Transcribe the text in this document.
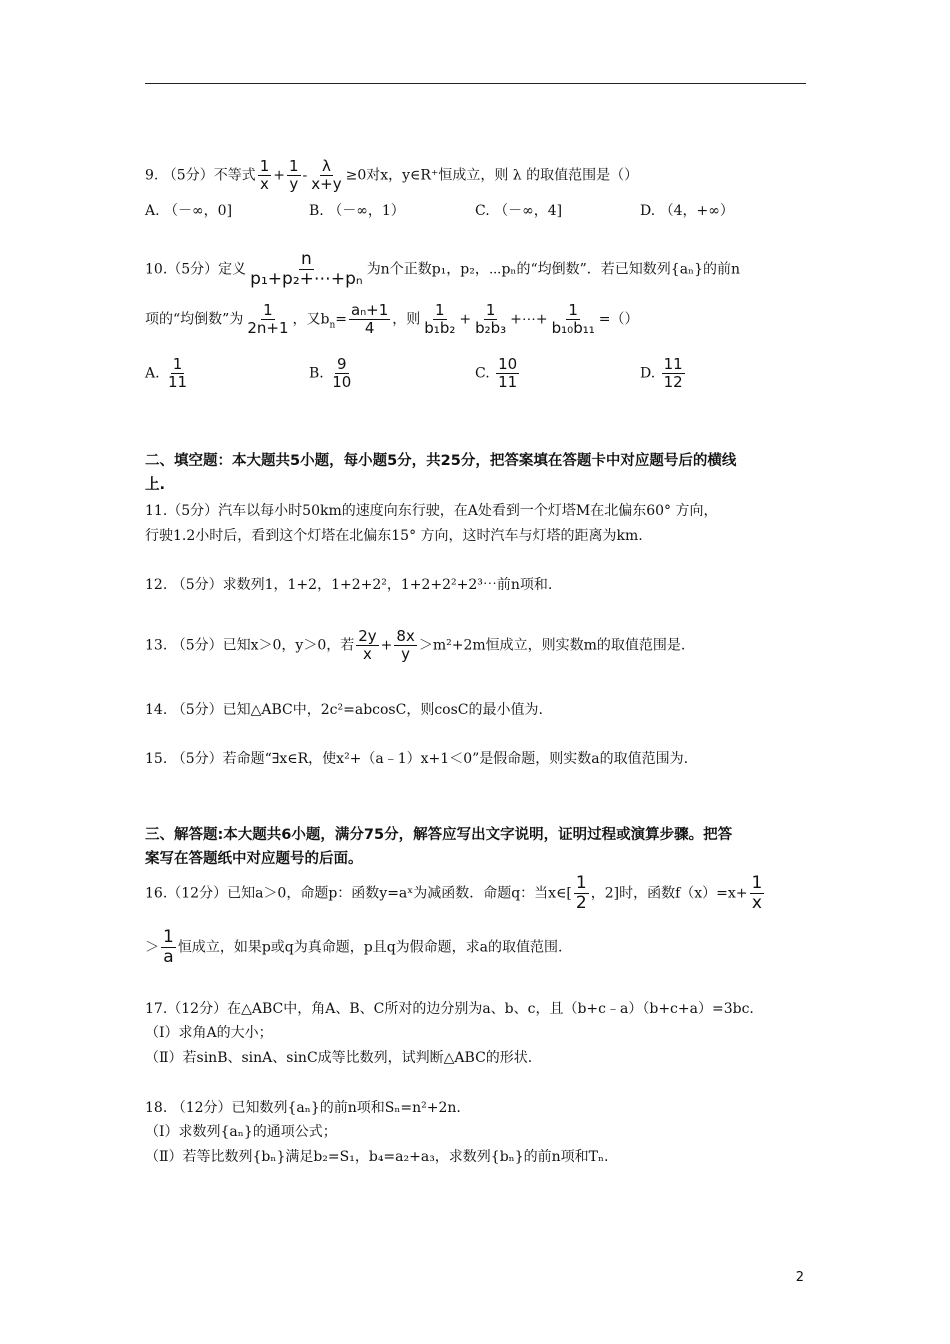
9. （5分）不等式 $\frac{1}{x} + \frac{1}{y} - \frac{\lambda}{x+y} \ge 0$对x，y∈R⁺恒成立，则 λ 的取值范围是（）
A. （－∞，0]	B. （－∞，1）	C. （－∞，4]	D. （4，+∞）
10.（5分）定义 $\frac{n}{\text{p₁+p₂+⋯+pₙ}}$ 为n个正数p₁，p₂，⋯pₙ的“均倒数”．若已知数列{aₙ}的前n
项的“均倒数”为 $\frac{1}{2n+1}$ ，又$b_n= \frac{\text{aₙ+1}}{4}$ ，则 $\frac{1}{\text{b₁b₂}} + \frac{1}{\text{b₂b₃}}$ +⋯+ $\frac{1}{\text{b₁₀b₁₁}}$ =（）
A. $\frac{1}{11}$	B. $\frac{9}{10}$	C. $\frac{10}{11}$	D. $\frac{11}{12}$
二、填空题：本大题共5小题，每小题5分，共25分，把答案填在答题卡中对应题号后的横线
上.
11.（5分）汽车以每小时50km的速度向东行驶，在A处看到一个灯塔M在北偏东60° 方向，
行驶1.2小时后，看到这个灯塔在北偏东15° 方向，这时汽车与灯塔的距离为km.
12. （5分）求数列1，1+2，1+2+2²，1+2+2²+2³⋯前n项和.
13. （5分）已知x＞0，y＞0，若 $\frac{2y}{x} + \frac{8x}{y} >m^2+2m$恒成立，则实数m的取值范围是.
14. （5分）已知△ABC中，2c²=abcosC，则cosC的最小值为.
15. （5分）若命题“∃x∈R，使x²+（a﹣1）x+1＜0”是假命题，则实数a的取值范围为.
三、解答题:本大题共6小题，满分75分，解答应写出文字说明，证明过程或演算步骤。把答
案写在答题纸中对应题号的后面。
16.（12分）已知a＞0，命题p：函数y=aˣ为减函数．命题q：当x∈[ $\frac{1}{2}$ ，2]时，函数$f(x)=x+ \frac{1}{x}$
＞ $\frac{1}{a}$ 恒成立，如果p或q为真命题，p且q为假命题，求a的取值范围.
17.（12分）在△ABC中，角A、B、C所对的边分别为a、b、c，且（b+c﹣a）（b+c+a）=3bc.
（Ⅰ）求角A的大小；
（Ⅱ）若sinB、sinA、sinC成等比数列，试判断△ABC的形状.
18. （12分）已知数列{aₙ}的前n项和Sₙ=n²+2n.
（Ⅰ）求数列{aₙ}的通项公式；
（Ⅱ）若等比数列{bₙ}满足b₂=S₁，b₄=a₂+a₃，求数列{bₙ}的前n项和Tₙ.
2
